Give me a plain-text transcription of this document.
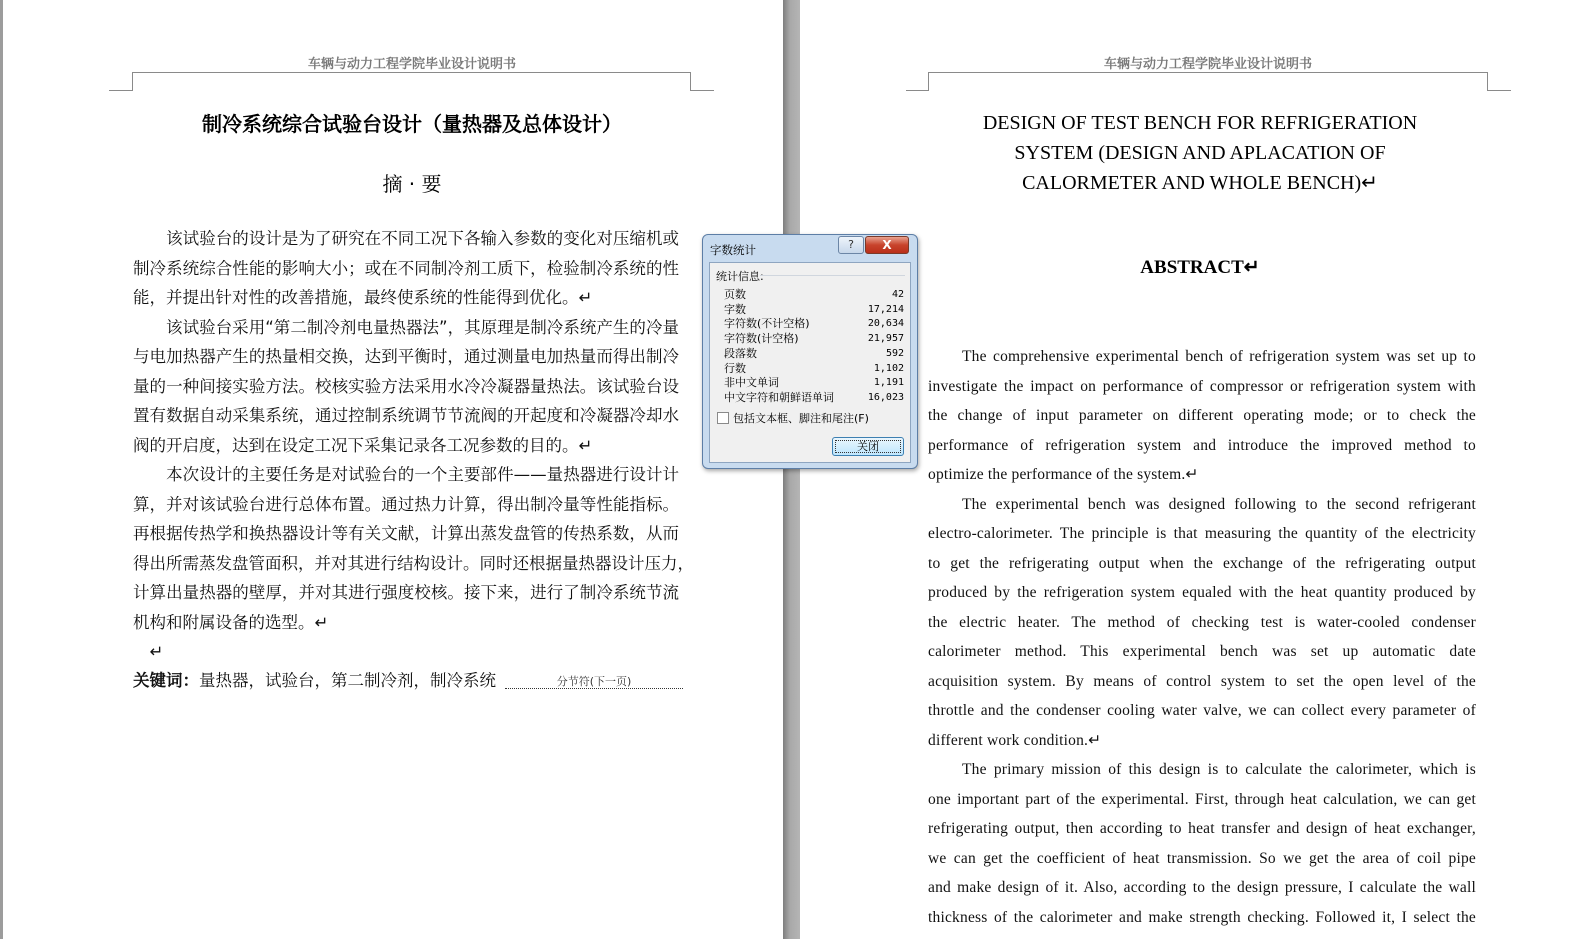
车辆与动力工程学院毕业设计说明书
制冷系统综合试验台设计（量热器及总体设计）
摘 · 要
　　该试验台的设计是为了研究在不同工况下各输入参数的变化对压缩机或
制冷系统综合性能的影响大小；或在不同制冷剂工质下，检验制冷系统的性
能，并提出针对性的改善措施，最终使系统的性能得到优化。↵
　　该试验台采用“第二制冷剂电量热器法”，其原理是制冷系统产生的冷量
与电加热器产生的热量相交换，达到平衡时，通过测量电加热量而得出制冷
量的一种间接实验方法。校核实验方法采用水冷冷凝器量热法。该试验台设
置有数据自动采集系统，通过控制系统调节节流阀的开起度和冷凝器冷却水
阀的开启度，达到在设定工况下采集记录各工况参数的目的。↵
　　本次设计的主要任务是对试验台的一个主要部件——量热器进行设计计
算，并对该试验台进行总体布置。通过热力计算，得出制冷量等性能指标。
再根据传热学和换热器设计等有关文献，计算出蒸发盘管的传热系数，从而
得出所需蒸发盘管面积，并对其进行结构设计。同时还根据量热器设计压力，
计算出量热器的壁厚，并对其进行强度校核。接下来，进行了制冷系统节流
机构和附属设备的选型。↵
　↵
关键词：量热器，试验台，第二制冷剂，制冷系统	分节符(下一页)
车辆与动力工程学院毕业设计说明书
DESIGN OF TEST BENCH FOR REFRIGERATION
SYSTEM (DESIGN AND APLACATION OF
CALORMETER AND WHOLE BENCH)↵
ABSTRACT↵
The comprehensive experimental bench of refrigeration system was set up to
investigate the impact on performance of compressor or refrigeration system with
the change of input parameter on different operating mode; or to check the
performance of refrigeration system and introduce the improved method to
optimize the performance of the system.↵
The experimental bench was designed following to the second refrigerant
electro-calorimeter. The principle is that measuring the quantity of the electricity
to get the refrigerating output when the exchange of the refrigerating output
produced by the refrigeration system equaled with the heat quantity produced by
the electric heater. The method of checking test is water-cooled condenser
calorimeter method. This experimental bench was set up automatic date
acquisition system. By means of control system to set the open level of the
throttle and the condenser cooling water valve, we can collect every parameter of
different work condition.↵
The primary mission of this design is to calculate the calorimeter, which is
one important part of the experimental. First, through heat calculation, we can get
refrigerating output, then according to heat transfer and design of heat exchanger,
we can get the coefficient of heat transmission. So we get the area of coil pipe
and make design of it. Also, according to the design pressure, I calculate the wall
thickness of the calorimeter and make strength checking. Followed it, I select the
字数统计	?	X
统计信息:
页数	42
字数	17,214
字符数(不计空格)	20,634
字符数(计空格)	21,957
段落数	592
行数	1,102
非中文单词	1,191
中文字符和朝鲜语单词	16,023
包括文本框、脚注和尾注(F)
关闭
